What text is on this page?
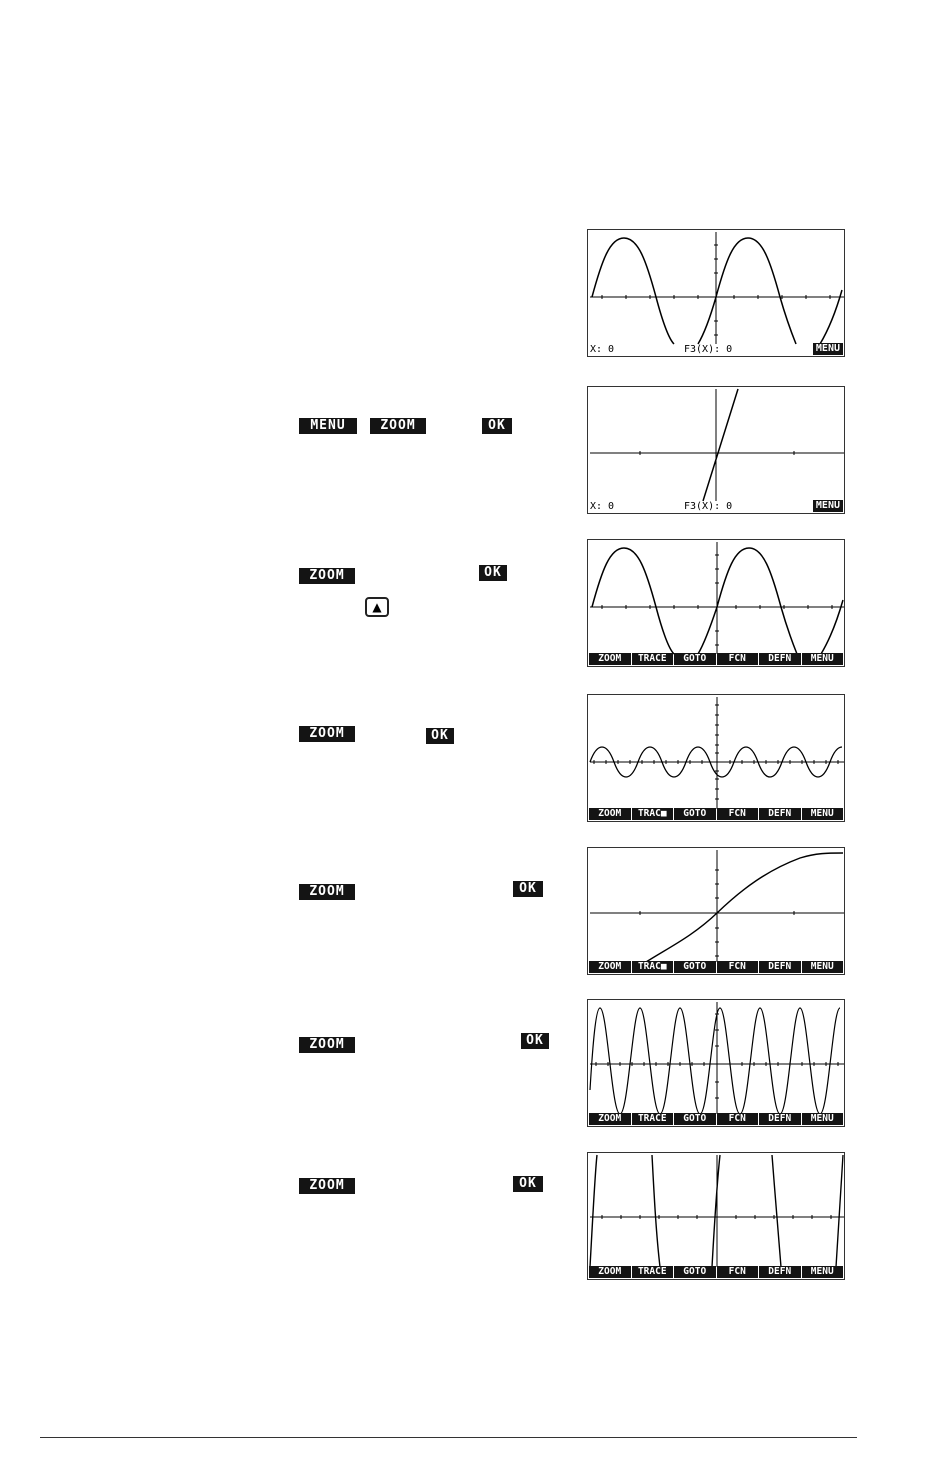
MENU	ZOOM	OK
ZOOM	OK
▲
ZOOM	OK
ZOOM	OK
ZOOM	OK
ZOOM	OK
X: 0	F3(X): 0	MENU
X: 0	F3(X): 0	MENU
ZOOM	TRACE	GOTO	FCN	DEFN	MENU
ZOOM	TRAC■	GOTO	FCN	DEFN	MENU
ZOOM	TRAC■	GOTO	FCN	DEFN	MENU
ZOOM	TRACE	GOTO	FCN	DEFN	MENU
ZOOM	TRACE	GOTO	FCN	DEFN	MENU
